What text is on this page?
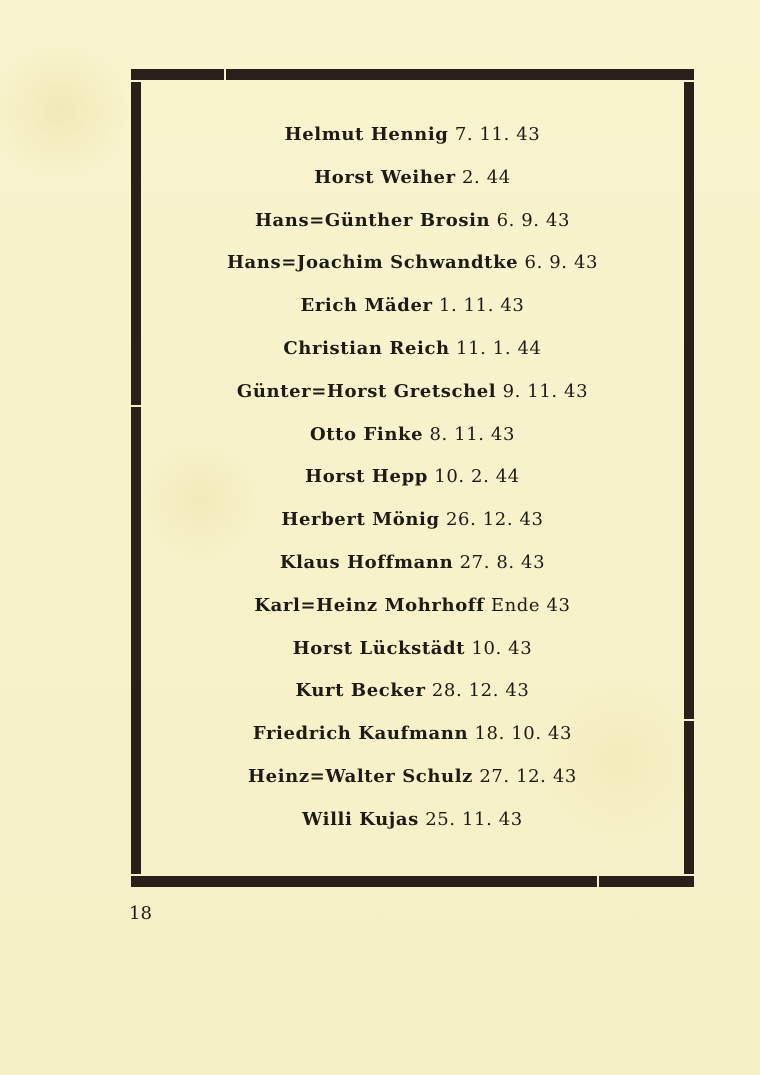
Helmut Hennig 7. 11. 43
Horst Weiher 2. 44
Hans=Günther Brosin 6. 9. 43
Hans=Joachim Schwandtke 6. 9. 43
Erich Mäder 1. 11. 43
Christian Reich 11. 1. 44
Günter=Horst Gretschel 9. 11. 43
Otto Finke 8. 11. 43
Horst Hepp 10. 2. 44
Herbert Mönig 26. 12. 43
Klaus Hoffmann 27. 8. 43
Karl=Heinz Mohrhoff Ende 43
Horst Lückstädt 10. 43
Kurt Becker 28. 12. 43
Friedrich Kaufmann 18. 10. 43
Heinz=Walter Schulz 27. 12. 43
Willi Kujas 25. 11. 43
18
